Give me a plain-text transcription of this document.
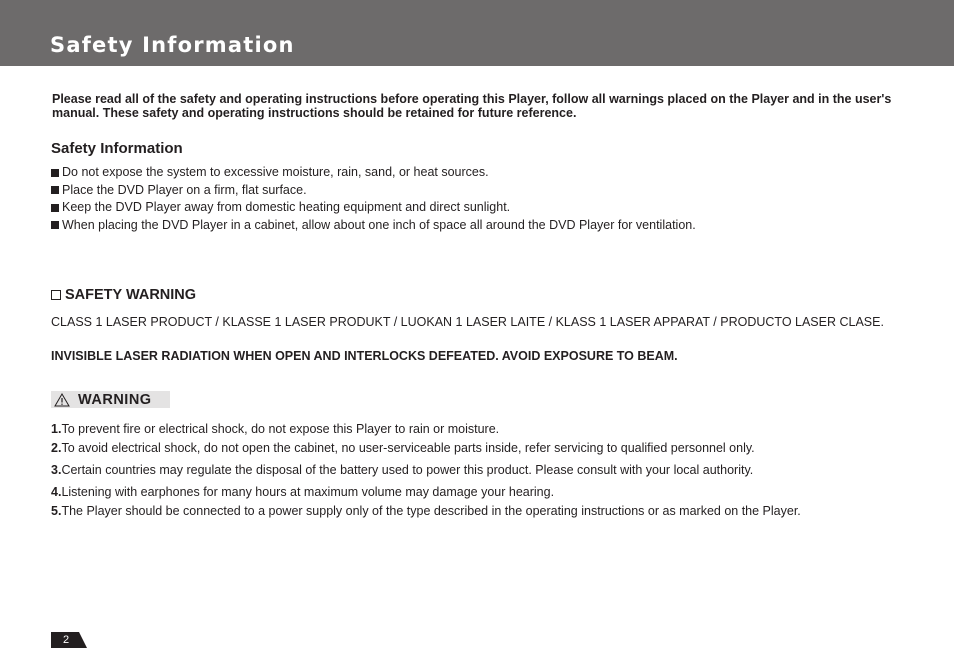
Safety Information
Please read all of the safety and operating instructions before operating this Player, follow all warnings placed on the Player and in the user's manual. These safety and operating instructions should be retained for future reference.
Safety Information
Do not expose the system to excessive moisture, rain, sand, or heat sources.
Place the DVD Player on a firm, flat surface.
Keep the DVD Player away from domestic heating equipment and direct sunlight.
When placing the DVD Player in a cabinet, allow about one inch of space all around the DVD Player for ventilation.
SAFETY WARNING
CLASS 1 LASER PRODUCT / KLASSE 1 LASER PRODUKT / LUOKAN 1 LASER LAITE / KLASS 1 LASER APPARAT / PRODUCTO LASER CLASE.
INVISIBLE LASER RADIATION WHEN OPEN AND INTERLOCKS DEFEATED. AVOID EXPOSURE TO BEAM.
WARNING
1.To prevent fire or electrical shock, do not expose this Player to rain or moisture.
2.To avoid electrical shock, do not open the cabinet, no user-serviceable parts inside, refer servicing to qualified personnel only.
3.Certain countries may regulate the disposal of the battery used to power this product. Please consult with your local authority.
4.Listening with earphones for many hours at maximum volume may damage your hearing.
5.The Player should be connected to a power supply only of the type described in the operating instructions or as marked on the Player.
2
